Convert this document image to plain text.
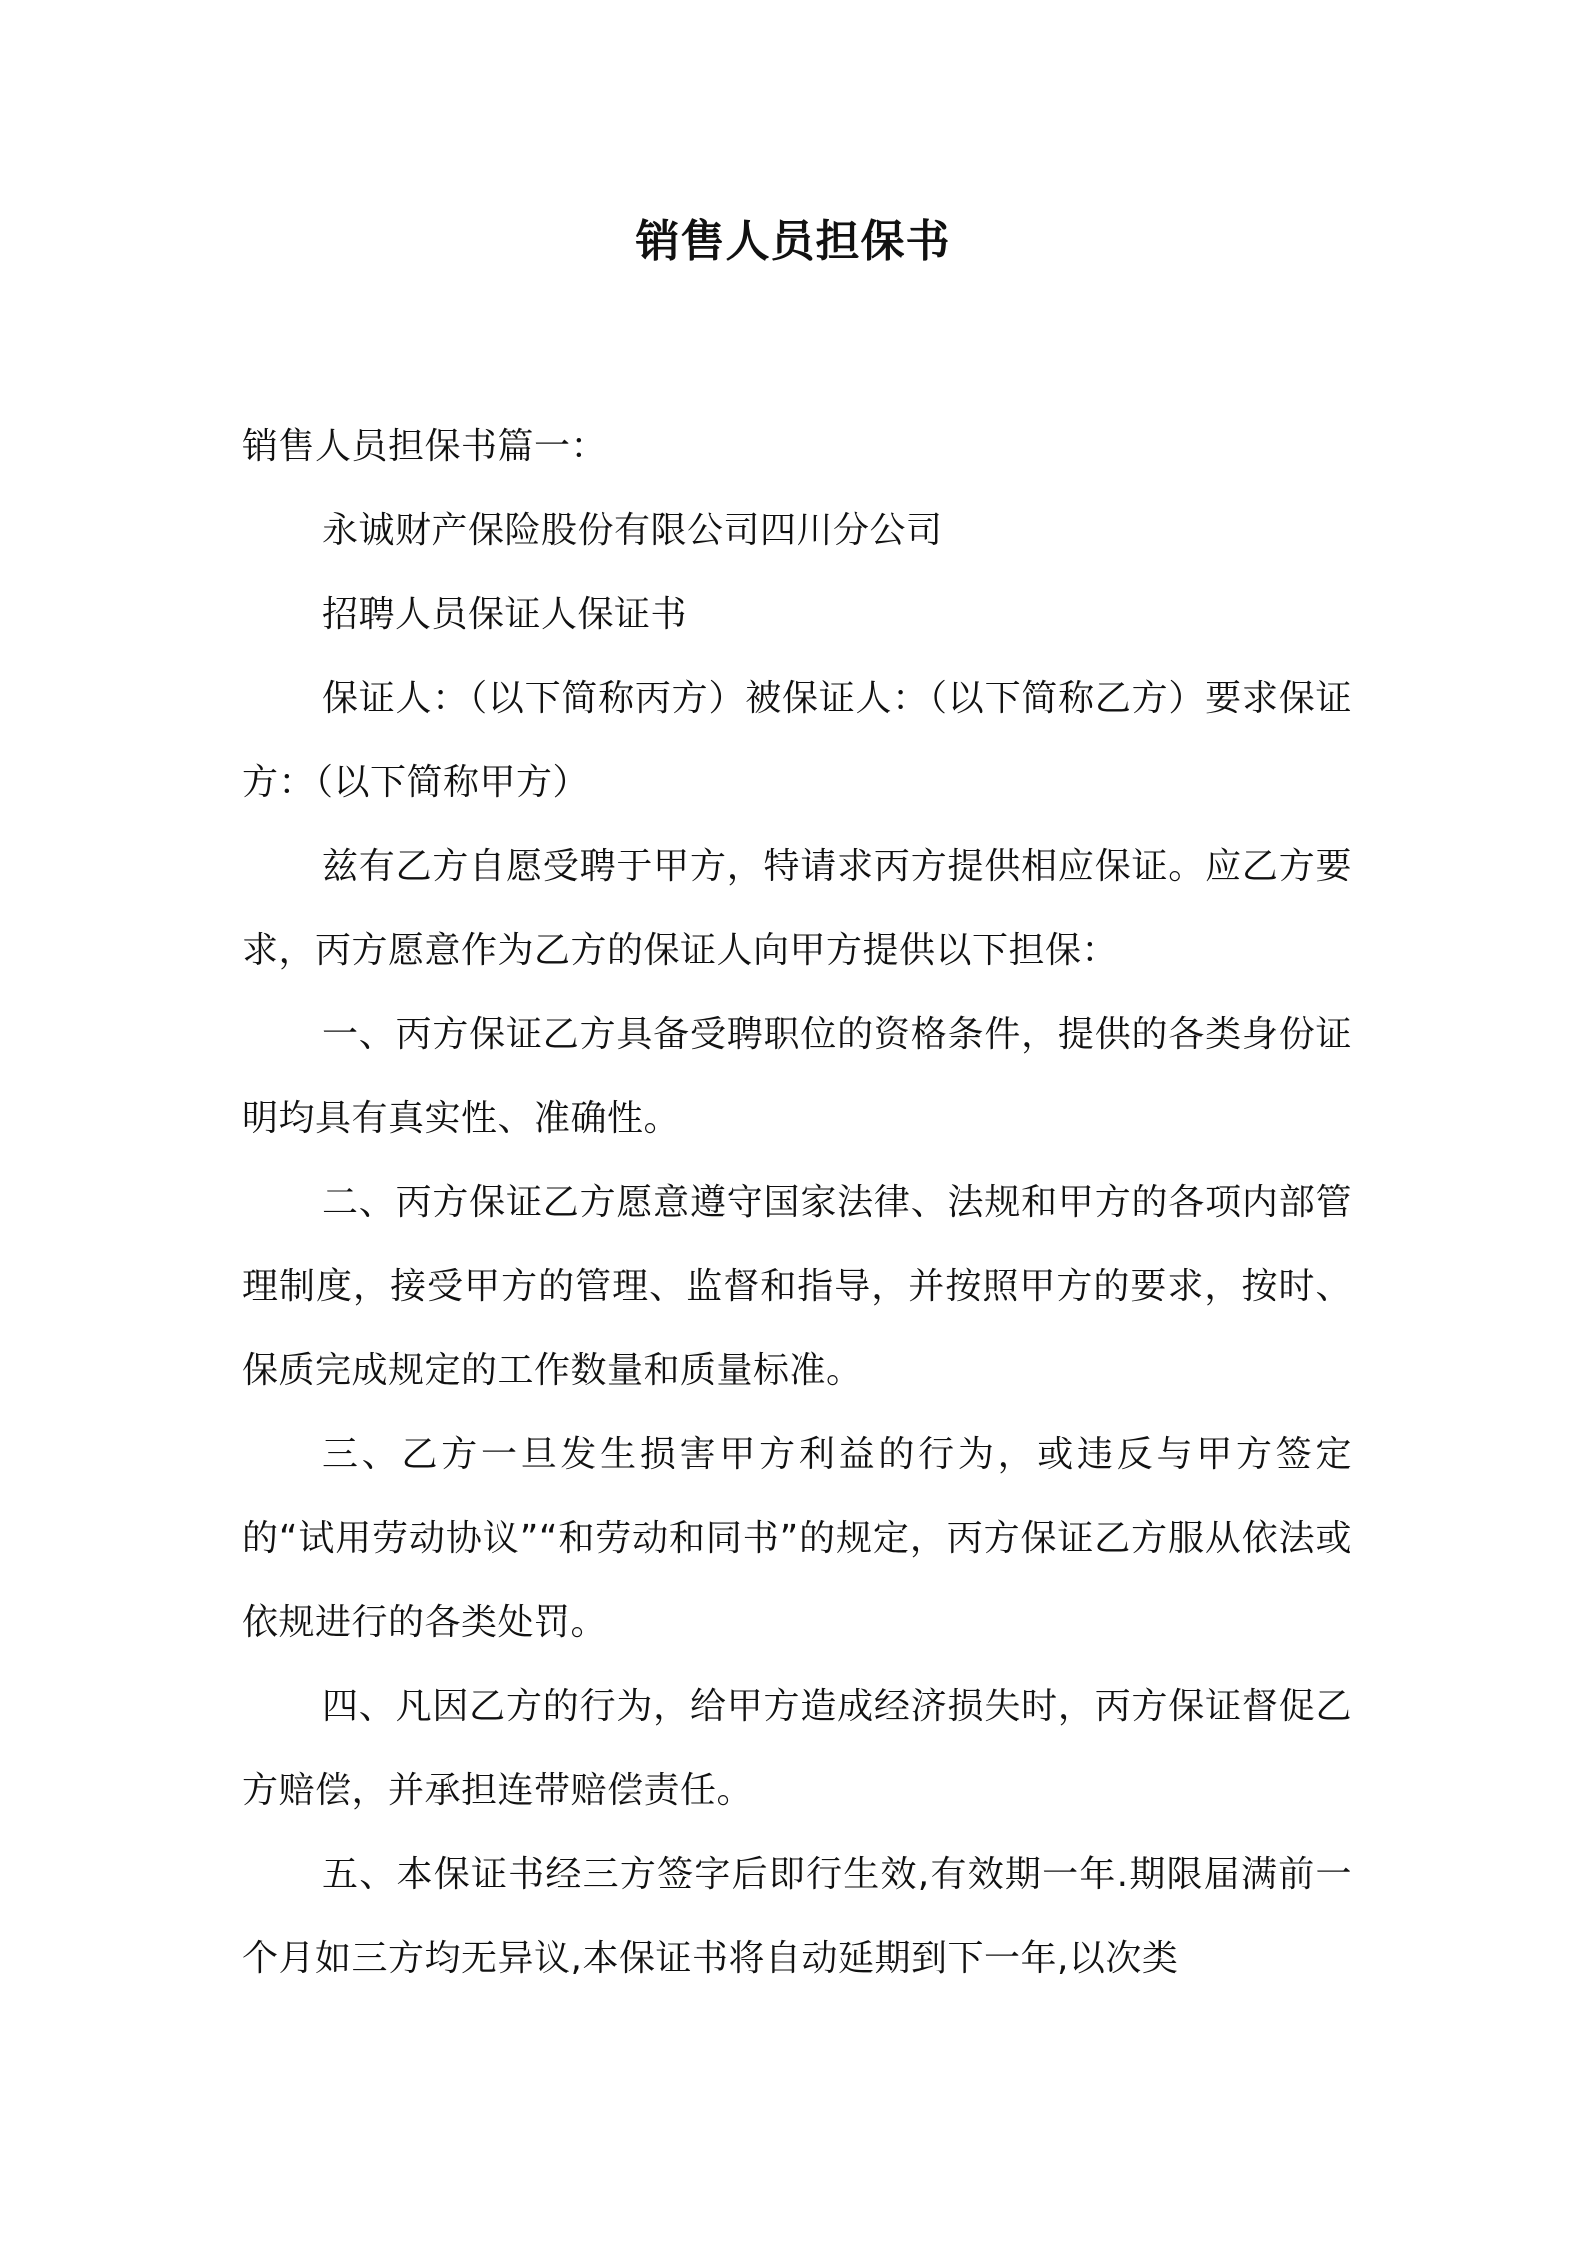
销售人员担保书

销售人员担保书篇一：

永诚财产保险股份有限公司四川分公司

招聘人员保证人保证书

保证人：（以下简称丙方）被保证人：（以下简称乙方）要求保证方：（以下简称甲方）

兹有乙方自愿受聘于甲方，特请求丙方提供相应保证。应乙方要求，丙方愿意作为乙方的保证人向甲方提供以下担保：

一、丙方保证乙方具备受聘职位的资格条件，提供的各类身份证明均具有真实性、准确性。

二、丙方保证乙方愿意遵守国家法律、法规和甲方的各项内部管理制度，接受甲方的管理、监督和指导，并按照甲方的要求，按时、保质完成规定的工作数量和质量标准。

三、乙方一旦发生损害甲方利益的行为，或违反与甲方签定的“试用劳动协议”“和劳动和同书”的规定，丙方保证乙方服从依法或依规进行的各类处罚。

四、凡因乙方的行为，给甲方造成经济损失时，丙方保证督促乙方赔偿，并承担连带赔偿责任。

五、本保证书经三方签字后即行生效,有效期一年.期限届满前一个月如三方均无异议,本保证书将自动延期到下一年,以次类
